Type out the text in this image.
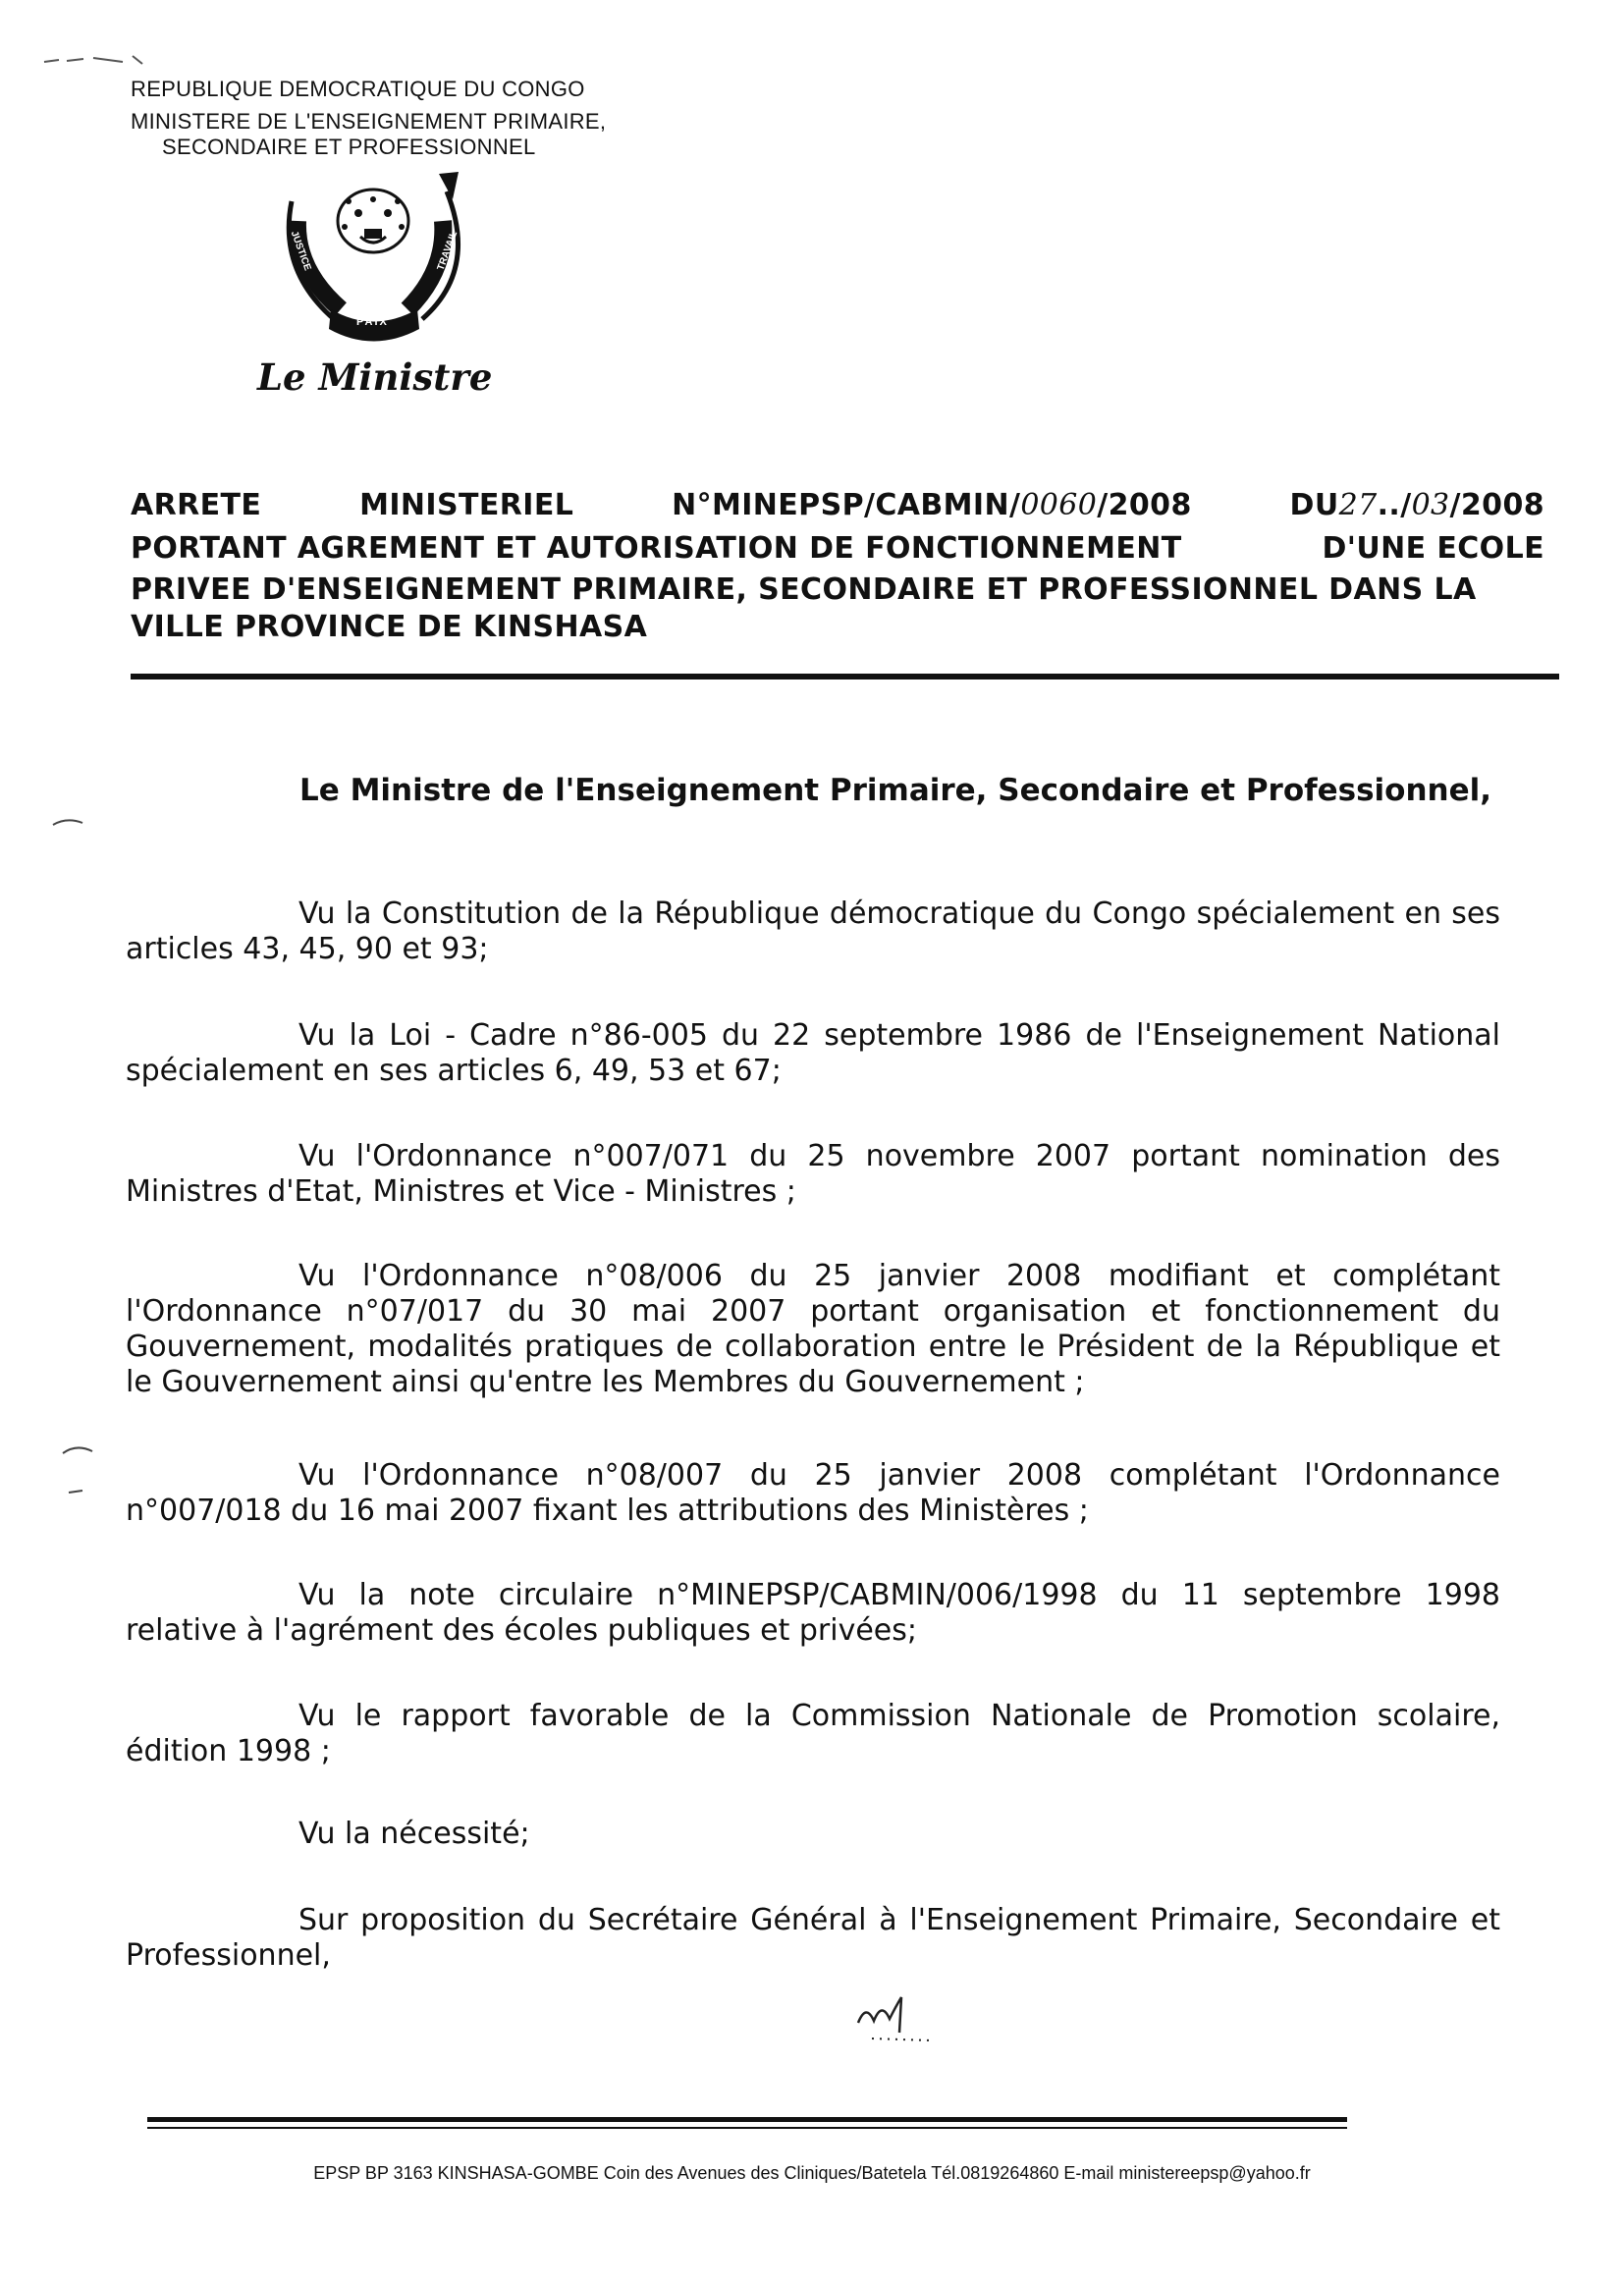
REPUBLIQUE DEMOCRATIQUE DU CONGO
MINISTERE DE L'ENSEIGNEMENT PRIMAIRE,
SECONDAIRE ET PROFESSIONNEL
JUSTICE
PAIX
TRAVAIL
Le Ministre
ARRETE	MINISTERIEL	N°MINEPSP/CABMIN/0060/2008	DU27../03/2008
PORTANT AGREMENT ET AUTORISATION DE FONCTIONNEMENT	D'UNE ECOLE
PRIVEE D'ENSEIGNEMENT PRIMAIRE, SECONDAIRE ET PROFESSIONNEL DANS LA
VILLE PROVINCE DE KINSHASA
Le Ministre de l'Enseignement Primaire, Secondaire et Professionnel,
Vu la Constitution de la République démocratique du Congo spécialement en ses articles 43, 45, 90 et 93;
Vu la Loi - Cadre n°86-005 du 22 septembre 1986 de l'Enseignement National spécialement en ses articles 6, 49, 53 et 67;
Vu l'Ordonnance n°007/071 du 25 novembre 2007 portant nomination des Ministres d'Etat, Ministres et Vice - Ministres ;
Vu l'Ordonnance n°08/006 du 25 janvier 2008 modifiant et complétant l'Ordonnance n°07/017 du 30 mai 2007 portant organisation et fonctionnement du Gouvernement, modalités pratiques de collaboration entre le Président de la République et le Gouvernement ainsi qu'entre les Membres du Gouvernement ;
Vu l'Ordonnance n°08/007 du 25 janvier 2008 complétant l'Ordonnance n°007/018 du 16 mai 2007 fixant les attributions des Ministères ;
Vu la note circulaire n°MINEPSP/CABMIN/006/1998 du 11 septembre 1998 relative à l'agrément des écoles publiques et privées;
Vu le rapport favorable de la Commission Nationale de Promotion scolaire, édition 1998 ;
Vu la nécessité;
Sur proposition du Secrétaire Général à l'Enseignement Primaire, Secondaire et Professionnel,
EPSP BP 3163 KINSHASA-GOMBE Coin des Avenues des Cliniques/Batetela Tél.0819264860 E-mail ministereepsp@yahoo.fr
